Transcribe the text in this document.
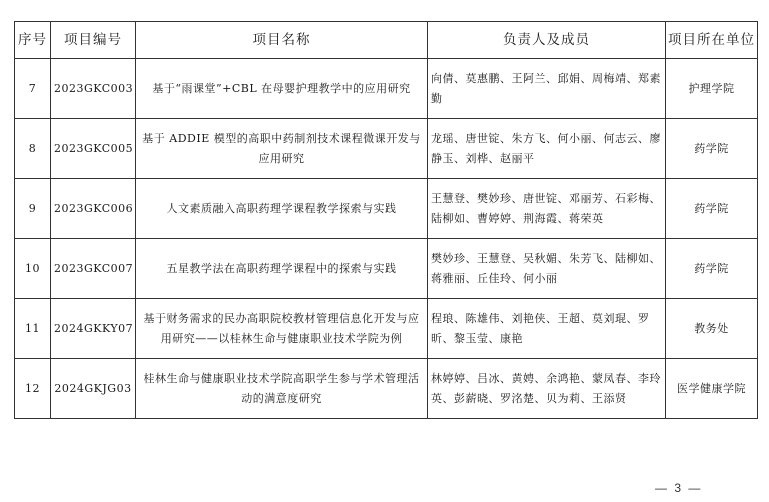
序号	项目编号	项目名称	负责人及成员	项目所在单位
7	2023GKC003	基于“雨课堂”+CBL 在母婴护理教学中的应用研究	向倩、莫惠鹏、王阿兰、邱娟、周梅靖、郑素勤	护理学院
8	2023GKC005	基于 ADDIE 模型的高职中药制剂技术课程微课开发与应用研究	龙瑶、唐世锭、朱方飞、何小丽、何志云、廖静玉、刘桦、赵丽平	药学院
9	2023GKC006	人文素质融入高职药理学课程教学探索与实践	王慧登、樊妙珍、唐世锭、邓丽芳、石彩梅、陆柳如、曹婷婷、荆海霞、蒋荣英	药学院
10	2023GKC007	五星教学法在高职药理学课程中的探索与实践	樊妙珍、王慧登、吴秋媚、朱芳飞、陆柳如、蒋雅丽、丘佳玲、何小丽	药学院
11	2024GKKY07	基于财务需求的民办高职院校教材管理信息化开发与应用研究——以桂林生命与健康职业技术学院为例	程琅、陈雄伟、刘艳侠、王超、莫刘琨、罗昕、黎玉莹、康艳	教务处
12	2024GKJG03	桂林生命与健康职业技术学院高职学生参与学术管理活动的满意度研究	林婷婷、吕冰、黄娉、余鸿艳、蒙凤春、李玲英、彭薪晓、罗洺楚、贝为莉、王添贤	医学健康学院
— 3 —
